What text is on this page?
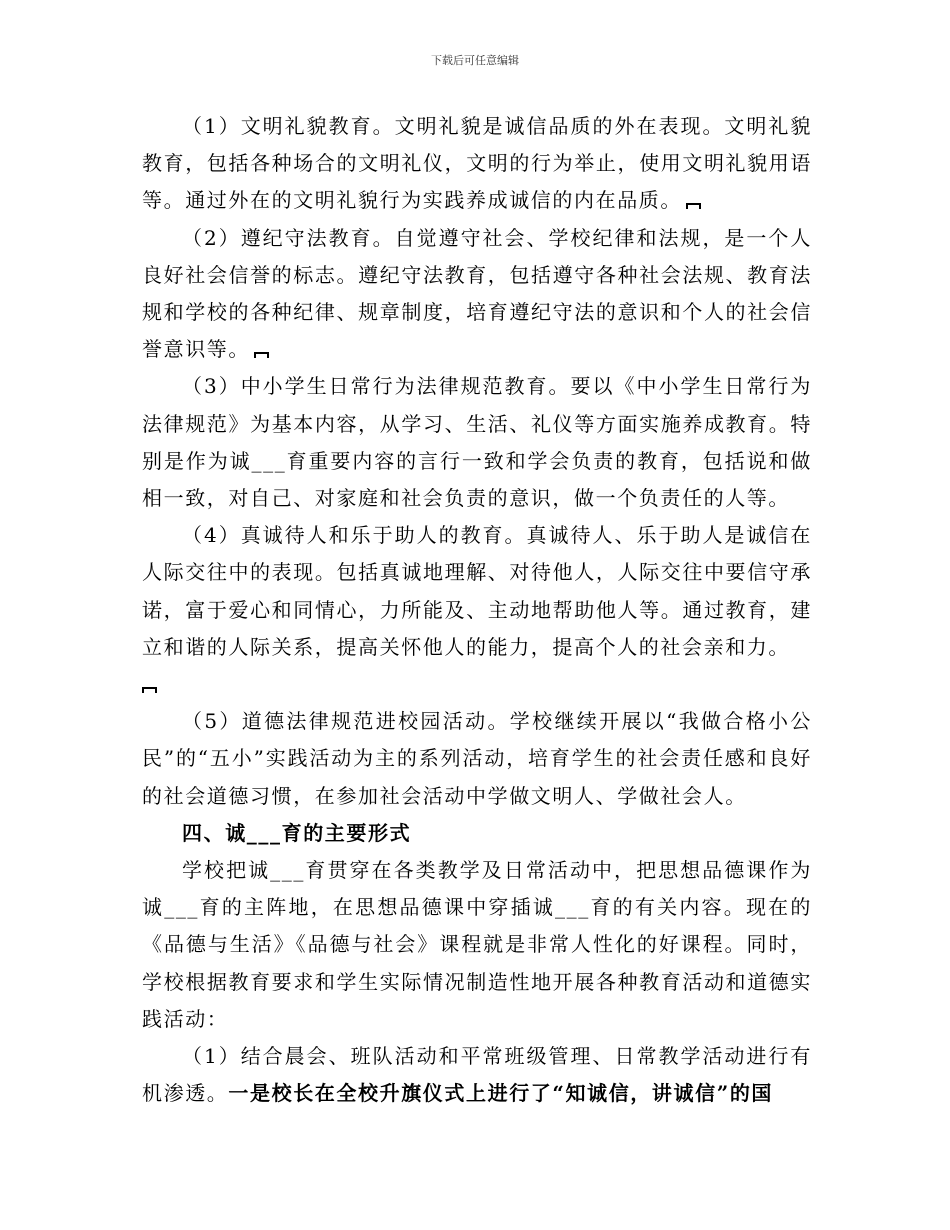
下载后可任意编辑

（1）文明礼貌教育。文明礼貌是诚信品质的外在表现。文明礼貌教育，包括各种场合的文明礼仪，文明的行为举止，使用文明礼貌用语等。通过外在的文明礼貌行为实践养成诚信的内在品质。

（2）遵纪守法教育。自觉遵守社会、学校纪律和法规，是一个人良好社会信誉的标志。遵纪守法教育，包括遵守各种社会法规、教育法规和学校的各种纪律、规章制度，培育遵纪守法的意识和个人的社会信誉意识等。

（3）中小学生日常行为法律规范教育。要以《中小学生日常行为法律规范》为基本内容，从学习、生活、礼仪等方面实施养成教育。特别是作为诚___育重要内容的言行一致和学会负责的教育，包括说和做相一致，对自己、对家庭和社会负责的意识，做一个负责任的人等。

（4）真诚待人和乐于助人的教育。真诚待人、乐于助人是诚信在人际交往中的表现。包括真诚地理解、对待他人，人际交往中要信守承诺，富于爱心和同情心，力所能及、主动地帮助他人等。通过教育，建立和谐的人际关系，提高关怀他人的能力，提高个人的社会亲和力。

（5）道德法律规范进校园活动。学校继续开展以“我做合格小公民”的“五小”实践活动为主的系列活动，培育学生的社会责任感和良好的社会道德习惯，在参加社会活动中学做文明人、学做社会人。

四、诚___育的主要形式

学校把诚___育贯穿在各类教学及日常活动中，把思想品德课作为诚___育的主阵地，在思想品德课中穿插诚___育的有关内容。现在的《品德与生活》《品德与社会》课程就是非常人性化的好课程。同时，学校根据教育要求和学生实际情况制造性地开展各种教育活动和道德实践活动：

（1）结合晨会、班队活动和平常班级管理、日常教学活动进行有机渗透。一是校长在全校升旗仪式上进行了“知诚信，讲诚信”的国
